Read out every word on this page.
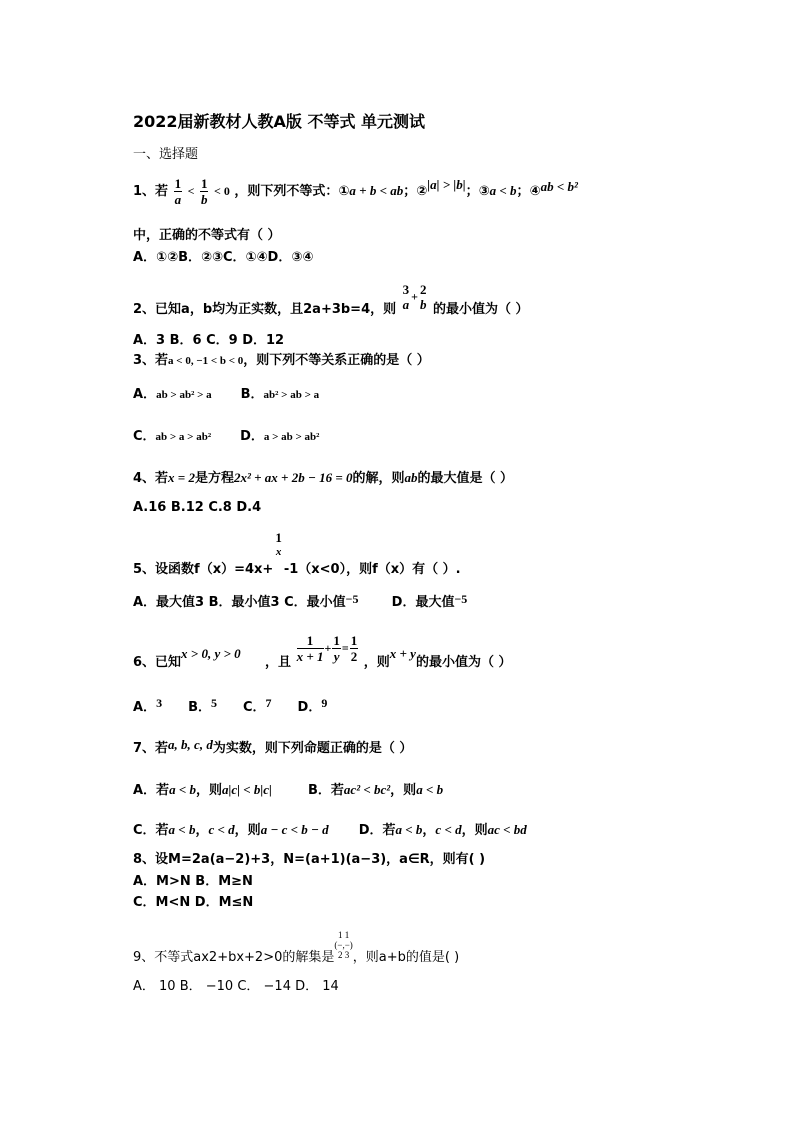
2022届新教材人教A版 不等式 单元测试
一、选择题
1、若 $\frac{1}{a} < \frac{1}{b} < 0$ ，则下列不等式：①a + b < ab；②|a| > |b|；③a < b；④ab < b²
中，正确的不等式有（ ）
A．①②B．②③C．①④D．③④
2、已知a，b均为正实数，且2a+3b=4，则
3
a
+ 2
b 的最小值为（ ）
A．3 B．6 C．9 D．12
3、若a < 0, −1 < b < 0，则下列不等关系正确的是（ ）
A．ab > ab² > a B．ab² > ab > a
C．ab > a > ab² D．a > ab > ab²
4、若x = 2是方程2x² + ax + 2b − 16 = 0的解，则ab的最大值是（ ）
A.16 B.12 C.8 D.4
5、设函数f（x）=4x+
1
x
-1（x<0），则f（x）有（ ）.
A．最大值3 B．最小值3 C．最小值−5	D．最大值−5
6、已知x > 0, y > 0，且 $\frac{1}{x + 1} + \frac{1}{y} = \frac{1}{2}$ ，则x + y的最小值为（ ）
A．3 B．5 C．7 D．9
7、若a, b, c, d为实数，则下列命题正确的是（ ）
A．若a < b，则a|c| < b|c|	B．若ac² < bc²，则a < b
C．若a < b，c < d，则a − c < b − d D．若a < b，c < d，则ac < bd
8、设M=2a(a−2)+3，N=(a+1)(a−3)，a∈R，则有( )
A．M>N B．M≥N
C．M<N D．M≤N
9、不等式ax2+bx+2>0的解集是
1 1
(−,−)
2 3 ，则a+b的值是( )
A． 10 B． −10 C． −14 D． 14
